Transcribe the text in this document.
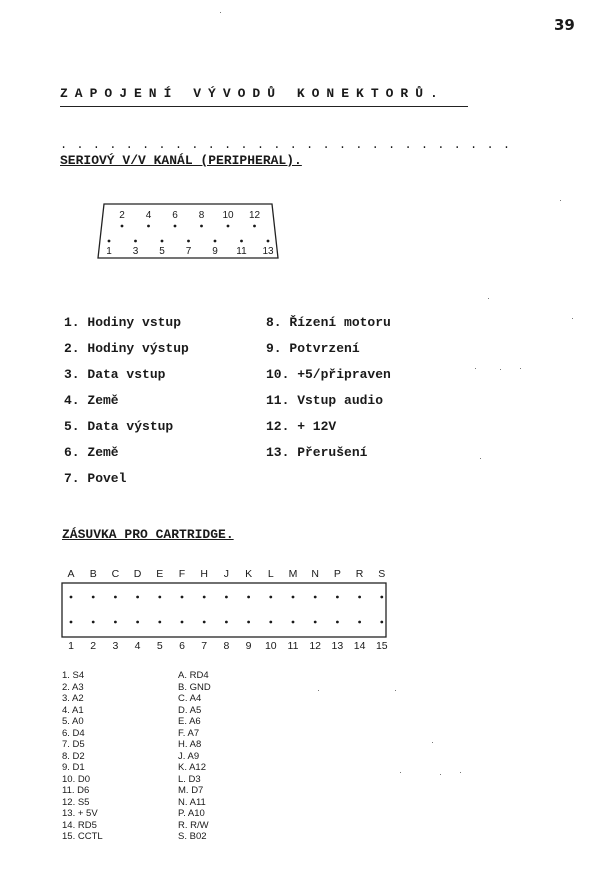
39
ZAPOJENÍ VÝVODŮ KONEKTORŮ.
. . . . . . . . . . . . . . . . . . . . . . . . . . . .
SERIOVÝ V/V KANÁL (PERIPHERAL).
2 4 6 8 10 12
1 3 5 7 9 11 13
1. Hodiny vstup
2. Hodiny výstup
3. Data vstup
4. Země
5. Data výstup
6. Země
7. Povel
8. Řízení motoru
9. Potvrzení
10. +5/připraven
11. Vstup audio
12. + 12V
13. Přerušení
ZÁSUVKA PRO CARTRIDGE.
A B C D E F H J K L M N P R S
1 2 3 4 5 6 7 8 9 10 11 12 13 14 15
1. S4
2. A3
3. A2
4. A1
5. A0
6. D4
7. D5
8. D2
9. D1
10. D0
11. D6
12. S5
13. + 5V
14. RD5
15. CCTL
A. RD4
B. GND
C. A4
D. A5
E. A6
F. A7
H. A8
J. A9
K. A12
L. D3
M. D7
N. A11
P. A10
R. R/W
S. B02
